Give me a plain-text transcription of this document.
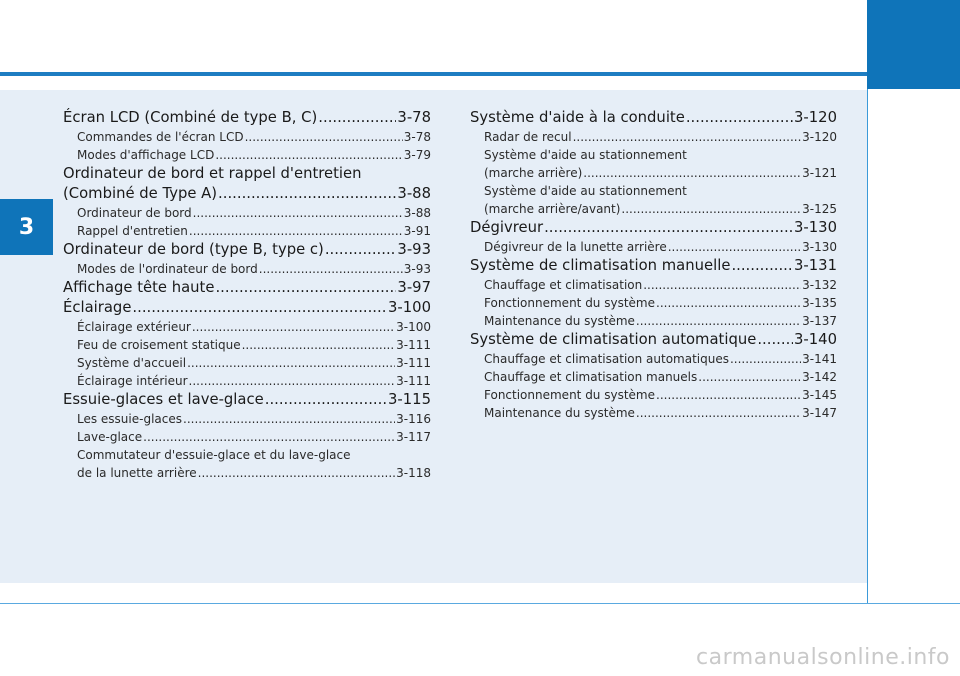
3
Écran LCD (Combiné de type B, C) .....	3-78
Commandes de l'écran LCD .....	3-78
Modes d'affichage LCD .....	3-79
Ordinateur de bord et rappel d'entretien
(Combiné de Type A) .....	3-88
Ordinateur de bord .....	3-88
Rappel d'entretien .....	3-91
Ordinateur de bord (type B, type c) .....	3-93
Modes de l'ordinateur de bord .....	3-93
Affichage tête haute .....	3-97
Éclairage .....	3-100
Éclairage extérieur .....	3-100
Feu de croisement statique .....	3-111
Système d'accueil .....	3-111
Éclairage intérieur .....	3-111
Essuie-glaces et lave-glace .....	3-115
Les essuie-glaces .....	3-116
Lave-glace .....	3-117
Commutateur d'essuie-glace et du lave-glace
de la lunette arrière .....	3-118
Système d'aide à la conduite .....	3-120
Radar de recul .....	3-120
Système d'aide au stationnement
(marche arrière) .....	3-121
Système d'aide au stationnement
(marche arrière/avant) .....	3-125
Dégivreur .....	3-130
Dégivreur de la lunette arrière .....	3-130
Système de climatisation manuelle .....	3-131
Chauffage et climatisation .....	3-132
Fonctionnement du système .....	3-135
Maintenance du système .....	3-137
Système de climatisation automatique .....	3-140
Chauffage et climatisation automatiques .....	3-141
Chauffage et climatisation manuels .....	3-142
Fonctionnement du système .....	3-145
Maintenance du système .....	3-147
carmanualsonline.info
